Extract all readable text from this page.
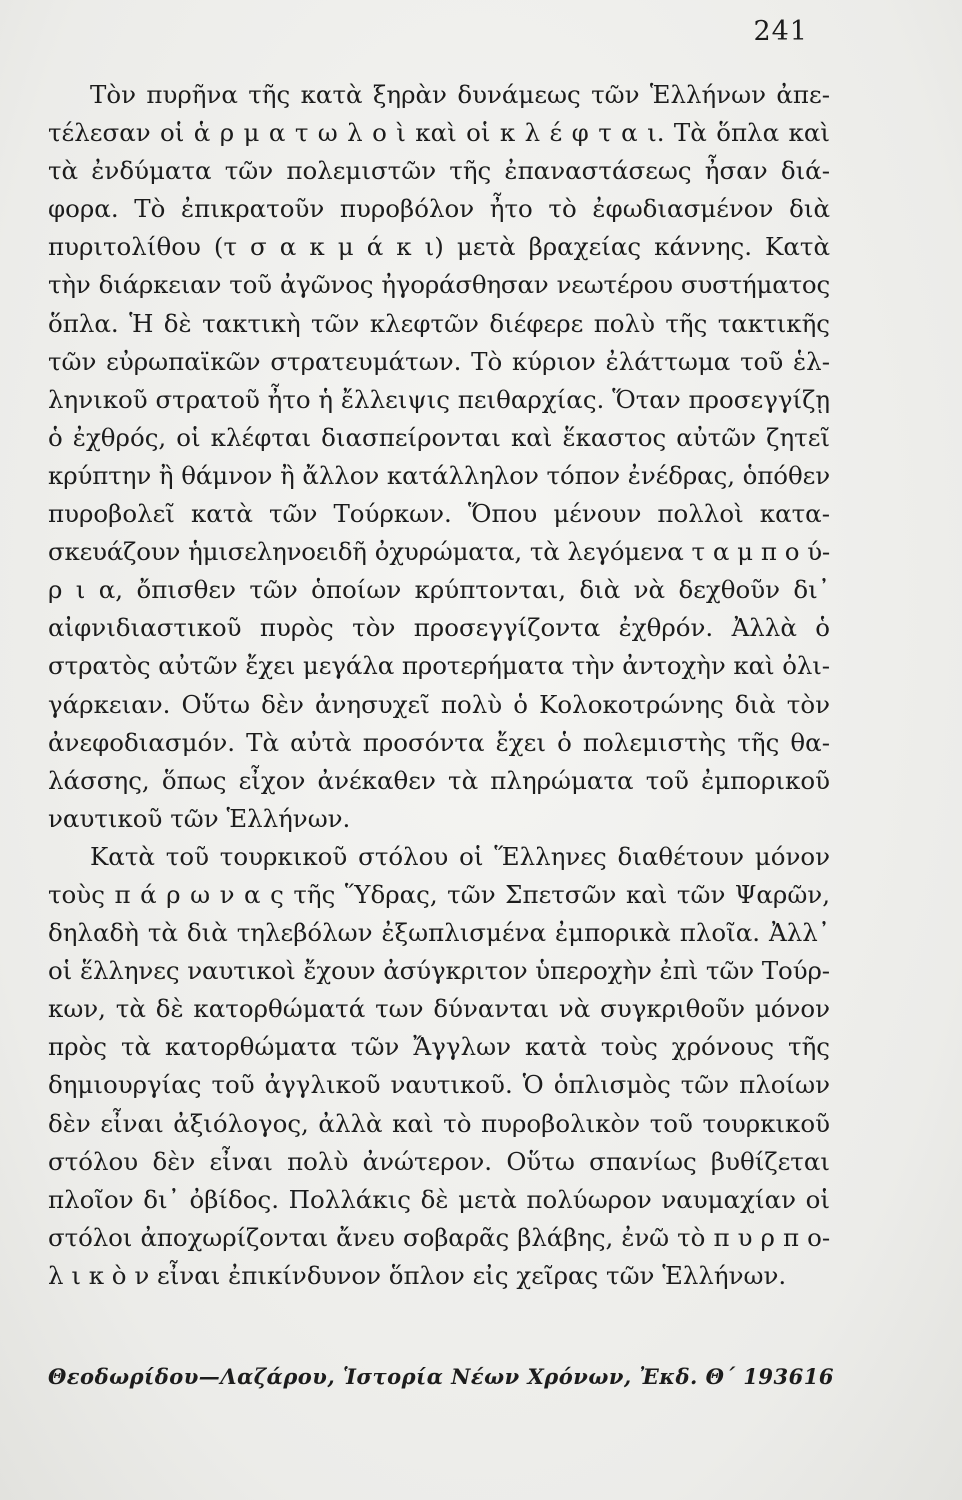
241
Τὸν πυρῆνα τῆς κατὰ ξηρὰν δυνάμεως τῶν Ἑλλήνων ἀπε-
τέλεσαν οἱ ἁ ρ μ α τ ω λ ο ὶ καὶ οἱ κ λ έ φ τ α ι. Τὰ ὅπλα καὶ
τὰ ἐνδύματα τῶν πολεμιστῶν τῆς ἐπαναστάσεως ἦσαν διά-
φορα. Τὸ ἐπικρατοῦν πυροβόλον ἦτο τὸ ἐφωδιασμένον διὰ
πυριτολίθου (τ σ α κ μ ά κ ι) μετὰ βραχείας κάννης. Κατὰ
τὴν διάρκειαν τοῦ ἀγῶνος ἠγοράσθησαν νεωτέρου συστήματος
ὅπλα. Ἡ δὲ τακτικὴ τῶν κλεφτῶν διέφερε πολὺ τῆς τακτικῆς
τῶν εὐρωπαϊκῶν στρατευμάτων. Τὸ κύριον ἐλάττωμα τοῦ ἑλ-
ληνικοῦ στρατοῦ ἦτο ἡ ἔλλειψις πειθαρχίας. Ὅταν προσεγγίζῃ
ὁ ἐχθρός, οἱ κλέφται διασπείρονται καὶ ἕκαστος αὐτῶν ζητεῖ
κρύπτην ἢ θάμνον ἢ ἄλλον κατάλληλον τόπον ἐνέδρας, ὁπόθεν
πυροβολεῖ κατὰ τῶν Τούρκων. Ὅπου μένουν πολλοὶ κατα-
σκευάζουν ἡμισεληνοειδῆ ὀχυρώματα, τὰ λεγόμενα τ α μ π ο ύ-
ρ ι α, ὄπισθεν τῶν ὁποίων κρύπτονται, διὰ νὰ δεχθοῦν δι᾿
αἰφνιδιαστικοῦ πυρὸς τὸν προσεγγίζοντα ἐχθρόν. Ἀλλὰ ὁ
στρατὸς αὐτῶν ἔχει μεγάλα προτερήματα τὴν ἀντοχὴν καὶ ὀλι-
γάρκειαν. Οὕτω δὲν ἀνησυχεῖ πολὺ ὁ Κολοκοτρώνης διὰ τὸν
ἀνεφοδιασμόν. Τὰ αὐτὰ προσόντα ἔχει ὁ πολεμιστὴς τῆς θα-
λάσσης, ὅπως εἶχον ἀνέκαθεν τὰ πληρώματα τοῦ ἐμπορικοῦ
ναυτικοῦ τῶν Ἑλλήνων.
Κατὰ τοῦ τουρκικοῦ στόλου οἱ Ἕλληνες διαθέτουν μόνον
τοὺς π ά ρ ω ν α ς τῆς Ὕδρας, τῶν Σπετσῶν καὶ τῶν Ψαρῶν,
δηλαδὴ τὰ διὰ τηλεβόλων ἐξωπλισμένα ἐμπορικὰ πλοῖα. Ἀλλ᾿
οἱ ἕλληνες ναυτικοὶ ἔχουν ἀσύγκριτον ὑπεροχὴν ἐπὶ τῶν Τούρ-
κων, τὰ δὲ κατορθώματά των δύνανται νὰ συγκριθοῦν μόνον
πρὸς τὰ κατορθώματα τῶν Ἄγγλων κατὰ τοὺς χρόνους τῆς
δημιουργίας τοῦ ἀγγλικοῦ ναυτικοῦ. Ὁ ὁπλισμὸς τῶν πλοίων
δὲν εἶναι ἀξιόλογος, ἀλλὰ καὶ τὸ πυροβολικὸν τοῦ τουρκικοῦ
στόλου δὲν εἶναι πολὺ ἀνώτερον. Οὕτω σπανίως βυθίζεται
πλοῖον δι᾿ ὀβίδος. Πολλάκις δὲ μετὰ πολύωρον ναυμαχίαν οἱ
στόλοι ἀποχωρίζονται ἄνευ σοβαρᾶς βλάβης, ἐνῶ τὸ π υ ρ π ο-
λ ι κ ὸ ν εἶναι ἐπικίνδυνον ὅπλον εἰς χεῖρας τῶν Ἑλλήνων.
Θεοδωρίδου—Λαζάρου, Ἱστορία Νέων Χρόνων, Ἐκδ. Θ΄ 1936 16
